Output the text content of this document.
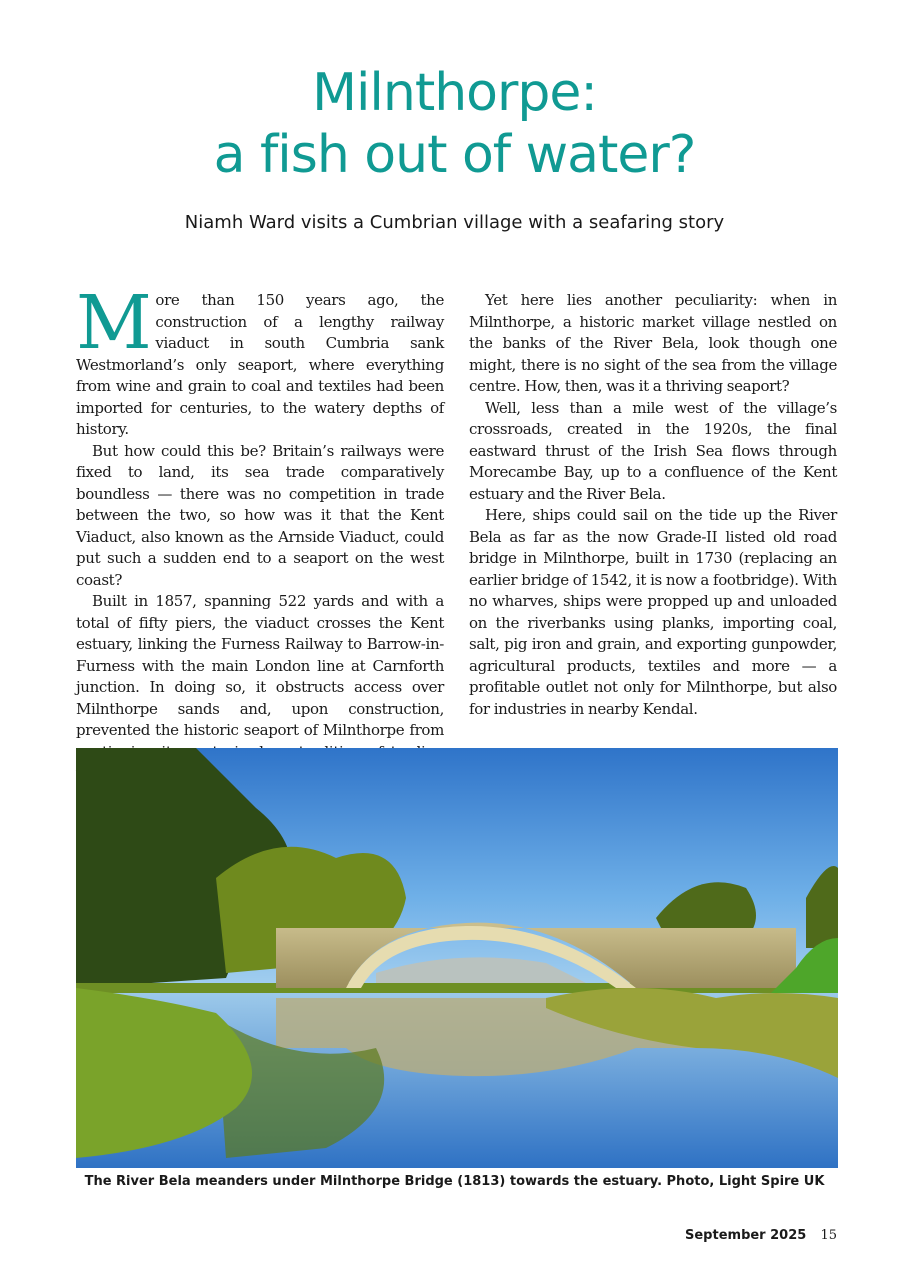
Milnthorpe:
a fish out of water?

Niamh Ward visits a Cumbrian village with a seafaring story

More than 150 years ago, the construction of a lengthy railway viaduct in south Cumbria sank Westmorland’s only seaport, where everything from wine and grain to coal and textiles had been imported for centuries, to the watery depths of history.

But how could this be? Britain’s railways were fixed to land, its sea trade comparatively boundless — there was no competition in trade between the two, so how was it that the Kent Viaduct, also known as the Arnside Viaduct, could put such a sudden end to a seaport on the west coast?

Built in 1857, spanning 522 yards and with a total of fifty piers, the viaduct crosses the Kent estuary, linking the Furness Railway to Barrow-in-Furness with the main London line at Carnforth junction. In doing so, it obstructs access over Milnthorpe sands and, upon construction, prevented the historic seaport of Milnthorpe from

Yet here lies another peculiarity: when in Milnthorpe, a historic market village nestled on the banks of the River Bela, look though one might, there is no sight of the sea from the village centre. How, then, was it a thriving seaport?

Well, less than a mile west of the village’s crossroads, created in the 1920s, the final eastward thrust of the Irish Sea flows through Morecambe Bay, up to a confluence of the Kent estuary and the River Bela.

Here, ships could sail on the tide up the River Bela as far as the now Grade-II listed old road bridge in Milnthorpe, built in 1730 (replacing an earlier bridge of 1542, it is now a footbridge). With no wharves, ships were propped up and unloaded on the riverbanks using planks, importing coal, salt, pig iron and grain, and exporting gunpowder, agricultural products, textiles and more — a profitable outlet not only for Milnthorpe, but also for industries in nearby Kendal.

The River Bela meanders under Milnthorpe Bridge (1813) towards the estuary. Photo, Light Spire UK

September 2025 15
